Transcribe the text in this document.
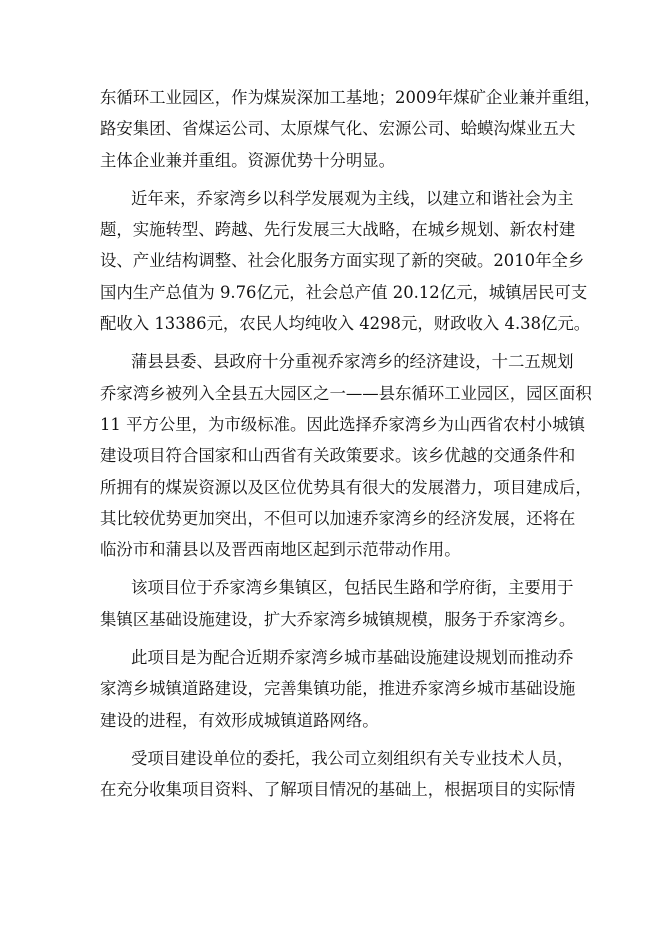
东循环工业园区，作为煤炭深加工基地；2009年煤矿企业兼并重组，
路安集团、省煤运公司、太原煤气化、宏源公司、蛤蟆沟煤业五大
主体企业兼并重组。资源优势十分明显。
近年来，乔家湾乡以科学发展观为主线，以建立和谐社会为主
题，实施转型、跨越、先行发展三大战略，在城乡规划、新农村建
设、产业结构调整、社会化服务方面实现了新的突破。2010年全乡
国内生产总值为 9.76亿元，社会总产值 20.12亿元，城镇居民可支
配收入 13386元，农民人均纯收入 4298元，财政收入 4.38亿元。
蒲县县委、县政府十分重视乔家湾乡的经济建设，十二五规划
乔家湾乡被列入全县五大园区之一——县东循环工业园区，园区面积
11 平方公里，为市级标准。因此选择乔家湾乡为山西省农村小城镇
建设项目符合国家和山西省有关政策要求。该乡优越的交通条件和
所拥有的煤炭资源以及区位优势具有很大的发展潜力，项目建成后，
其比较优势更加突出，不但可以加速乔家湾乡的经济发展，还将在
临汾市和蒲县以及晋西南地区起到示范带动作用。
该项目位于乔家湾乡集镇区，包括民生路和学府街，主要用于
集镇区基础设施建设，扩大乔家湾乡城镇规模，服务于乔家湾乡。
此项目是为配合近期乔家湾乡城市基础设施建设规划而推动乔
家湾乡城镇道路建设，完善集镇功能，推进乔家湾乡城市基础设施
建设的进程，有效形成城镇道路网络。
受项目建设单位的委托，我公司立刻组织有关专业技术人员，
在充分收集项目资料、了解项目情况的基础上，根据项目的实际情
